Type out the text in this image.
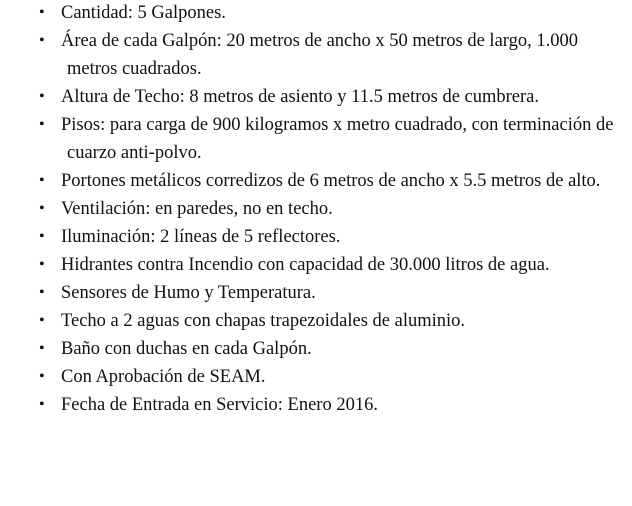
• Cantidad: 5 Galpones.
• Área de cada Galpón: 20 metros de ancho x 50 metros de largo, 1.000 metros cuadrados.
• Altura de Techo: 8 metros de asiento y 11.5 metros de cumbrera.
• Pisos: para carga de 900 kilogramos x metro cuadrado, con terminación de cuarzo anti-polvo.
• Portones metálicos corredizos de 6 metros de ancho x 5.5 metros de alto.
• Ventilación: en paredes, no en techo.
• Iluminación: 2 líneas de 5 reflectores.
• Hidrantes contra Incendio con capacidad de 30.000 litros de agua.
• Sensores de Humo y Temperatura.
• Techo a 2 aguas con chapas trapezoidales de aluminio.
• Baño con duchas en cada Galpón.
• Con Aprobación de SEAM.
• Fecha de Entrada en Servicio: Enero 2016.
